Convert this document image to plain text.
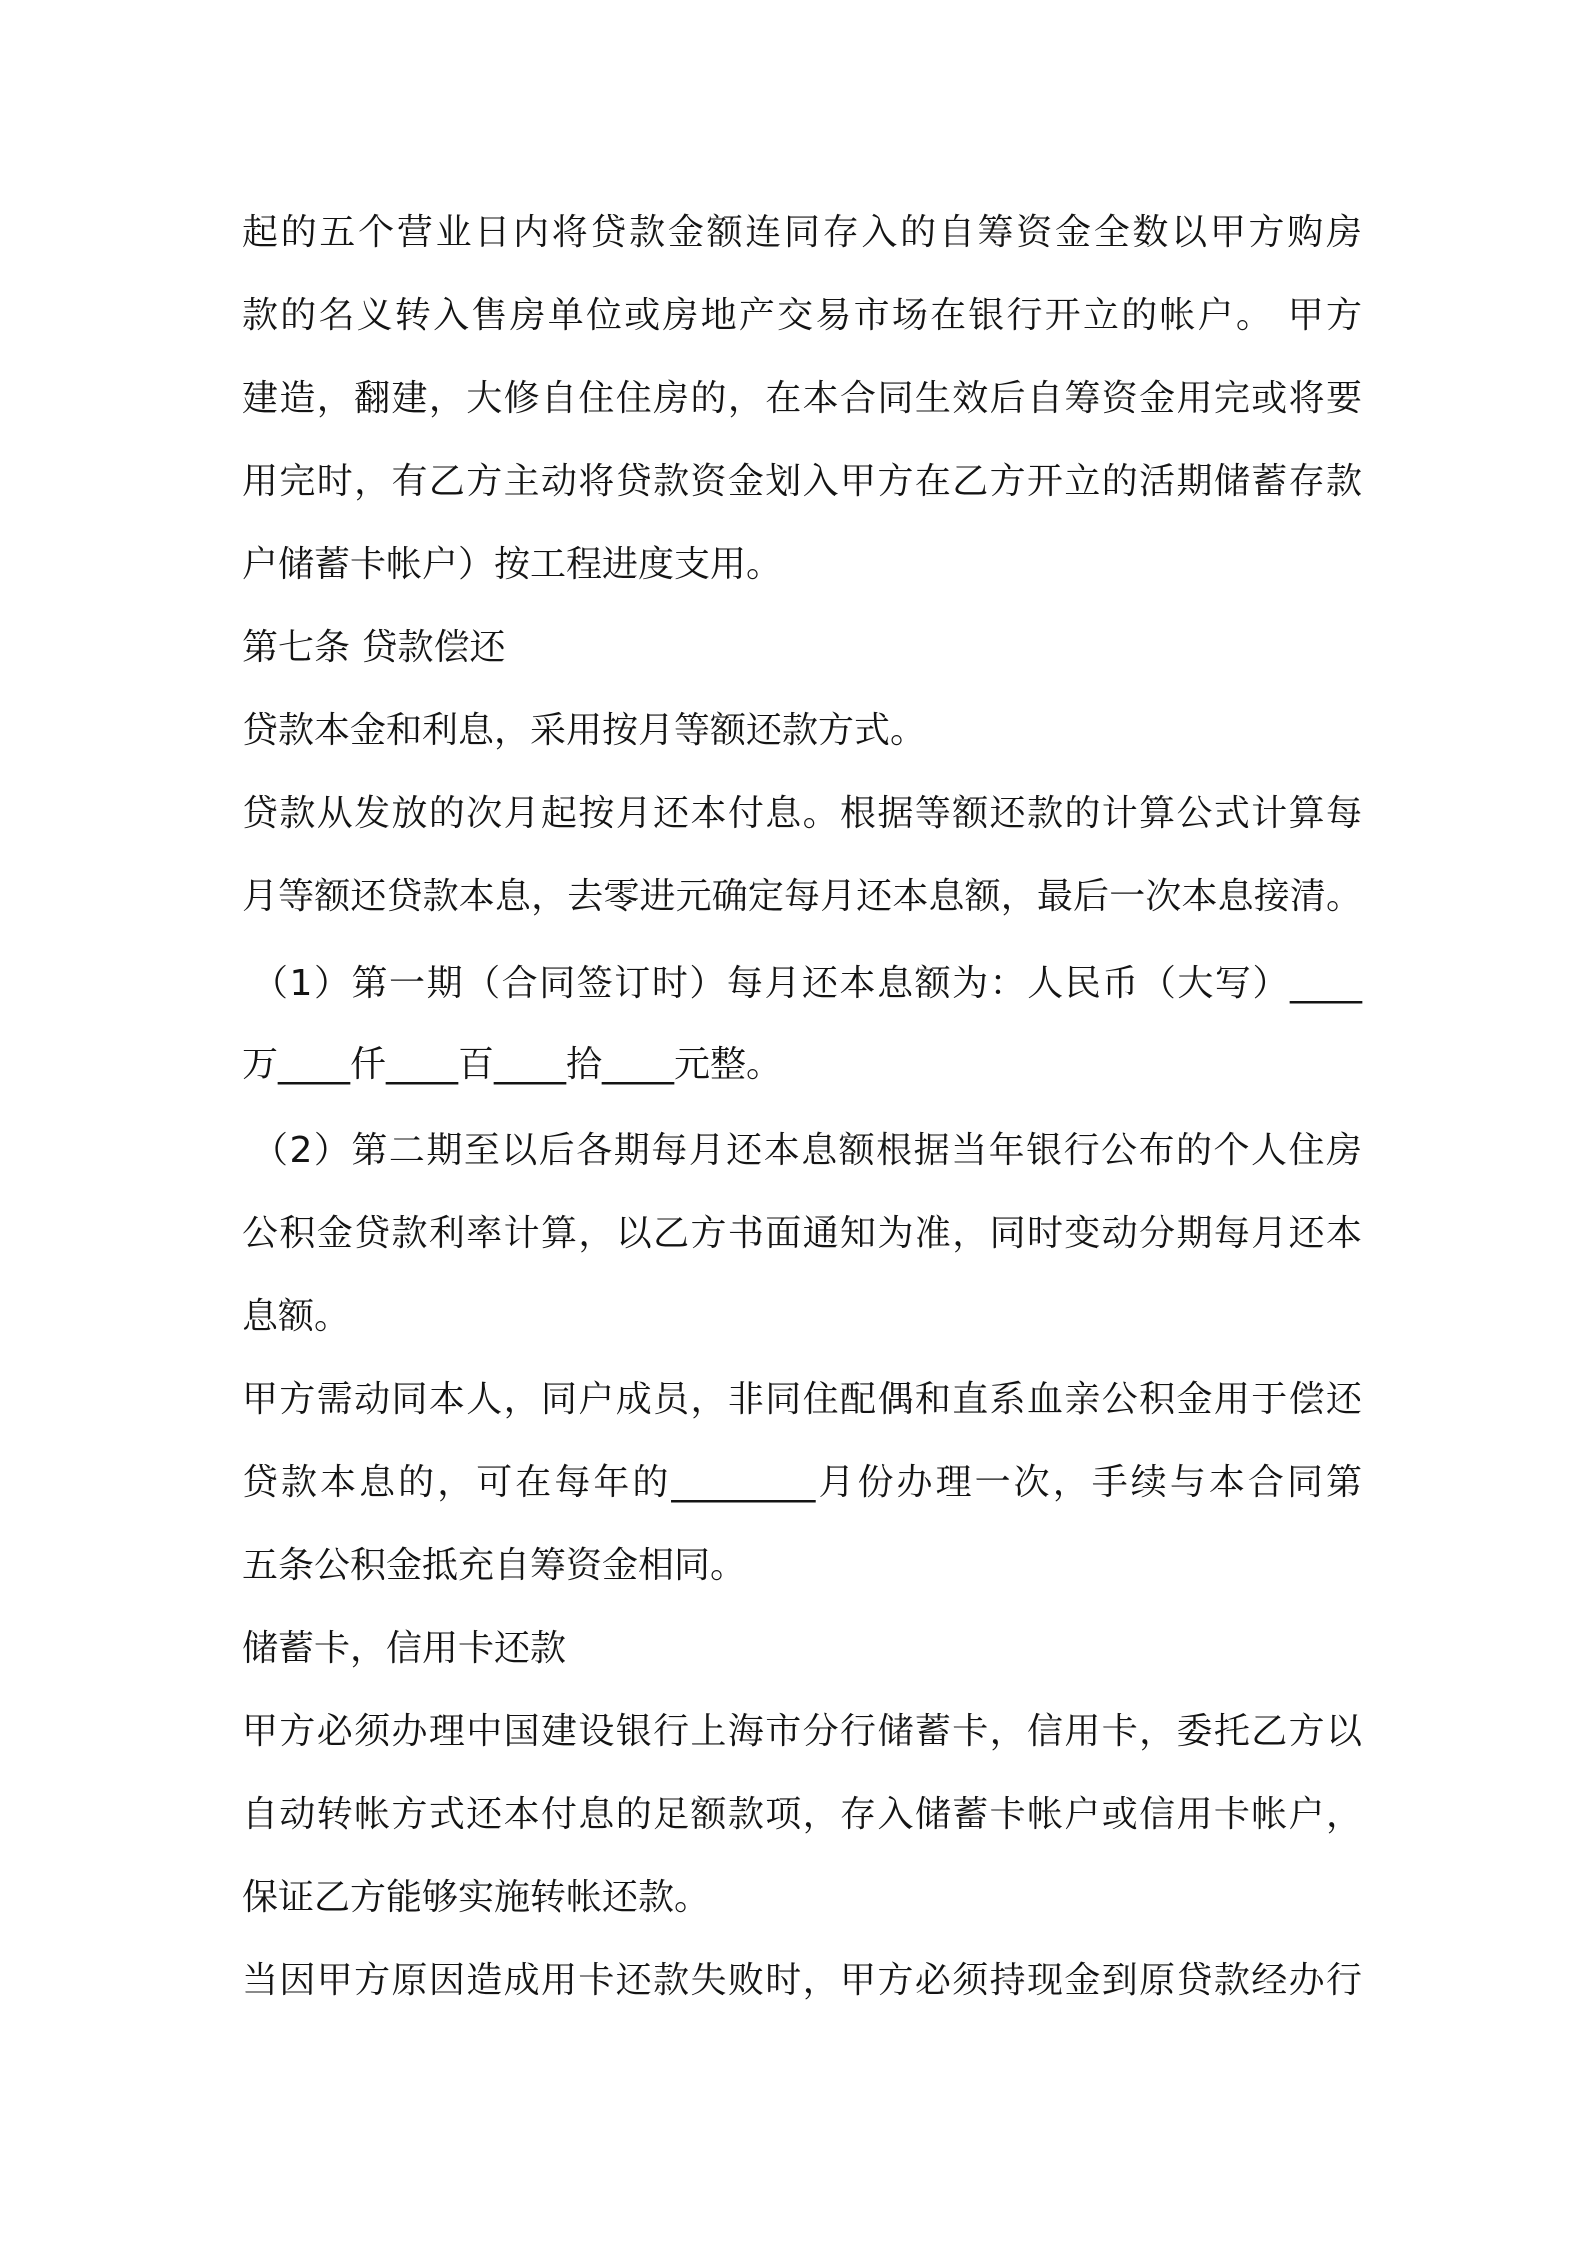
起的五个营业日内将贷款金额连同存入的自筹资金全数以甲方购房
款的名义转入售房单位或房地产交易市场在银行开立的帐户。 甲方
建造，翻建，大修自住住房的，在本合同生效后自筹资金用完或将要
用完时，有乙方主动将贷款资金划入甲方在乙方开立的活期储蓄存款
户储蓄卡帐户）按工程进度支用。
第七条 贷款偿还
贷款本金和利息，采用按月等额还款方式。
贷款从发放的次月起按月还本付息。根据等额还款的计算公式计算每
月等额还贷款本息，去零进元确定每月还本息额，最后一次本息接清。
（1）第一期（合同签订时）每月还本息额为：人民币（大写）____
万____仟____百____拾____元整。
（2）第二期至以后各期每月还本息额根据当年银行公布的个人住房
公积金贷款利率计算，以乙方书面通知为准，同时变动分期每月还本
息额。
甲方需动同本人，同户成员，非同住配偶和直系血亲公积金用于偿还
贷款本息的，可在每年的________月份办理一次，手续与本合同第
五条公积金抵充自筹资金相同。
储蓄卡，信用卡还款
甲方必须办理中国建设银行上海市分行储蓄卡，信用卡，委托乙方以
自动转帐方式还本付息的足额款项，存入储蓄卡帐户或信用卡帐户，
保证乙方能够实施转帐还款。
当因甲方原因造成用卡还款失败时，甲方必须持现金到原贷款经办行
